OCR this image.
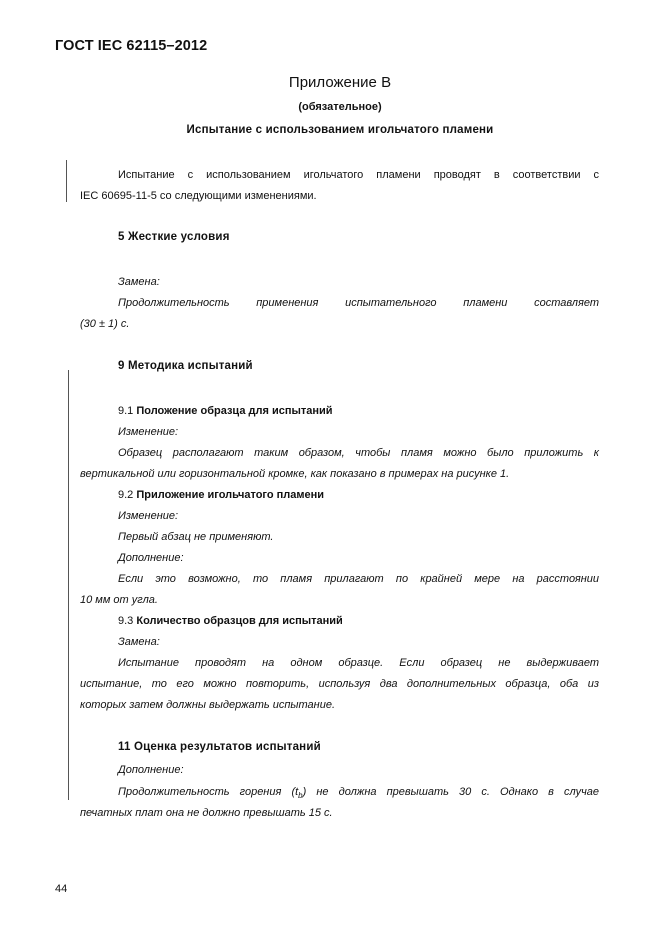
ГОСТ IEC 62115–2012
Приложение В
(обязательное)
Испытание с использованием игольчатого пламени
Испытание с использованием игольчатого пламени проводят в соответствии с
IEC 60695-11-5 со следующими изменениями.
5 Жесткие условия
Замена:
Продолжительность применения испытательного пламени составляет
(30 ± 1) с.
9 Методика испытаний
9.1 Положение образца для испытаний
Изменение:
Образец располагают таким образом, чтобы пламя можно было приложить к
вертикальной или горизонтальной кромке, как показано в примерах на рисунке 1.
9.2 Приложение игольчатого пламени
Изменение:
Первый абзац не применяют.
Дополнение:
Если это возможно, то пламя прилагают по крайней мере на расстоянии
10 мм от угла.
9.3 Количество образцов для испытаний
Замена:
Испытание проводят на одном образце. Если образец не выдерживает
испытание, то его можно повторить, используя два дополнительных образца, оба из
которых затем должны выдержать испытание.
11 Оценка результатов испытаний
Дополнение:
Продолжительность горения $(t_b)$ не должна превышать 30 с. Однако в случае
печатных плат она не должно превышать 15 с.
44
